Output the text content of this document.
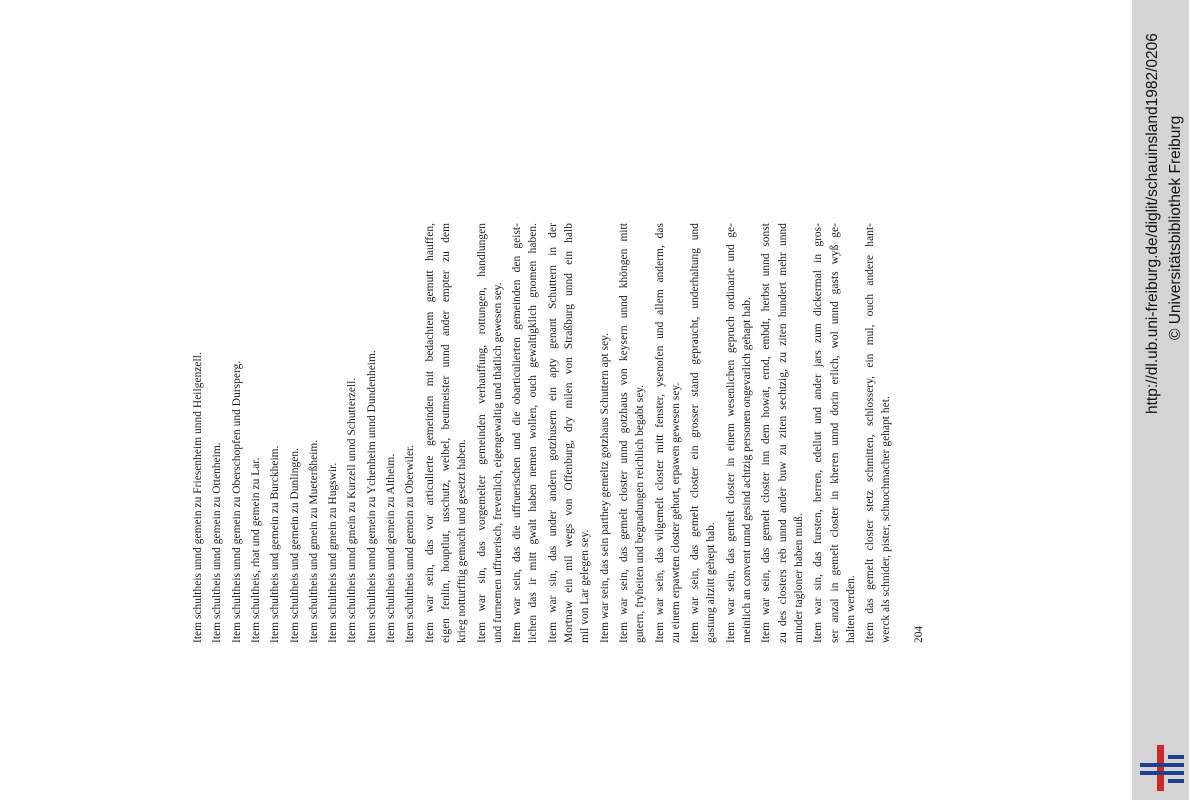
Item schultheis unnd gemein zu Friesenheim unnd Heilgenzell. Item schultheis unnd gemein zu Ottenheim. Item schultheis unnd gemein zu Oberschopfen und Dursperg. Item schultheis, rhat und gemein zu Lar. Item schultheis und gemein zu Burckheim. Item schultheis und gemein zu Dunlingen. Item schultheis und gmein zu Mueterßheim. Item schultheis und gmein zu Hugswir. Item schultheis unnd gmein zu Kurzell unnd Schutterzell. Item schultheis unnd gemein zu Ychenheim unnd Dundenheim. Item schultheis unnd gemein zu Altheim. Item schultheis unnd gemein zu Oberwiler. Item war sein, das vor articulierte gemeinden mit bedachtem gemutt hauffen, eigen fenlin, houptlut, usschutz, weibel, beutmeister unnd ander empter zu dem krieg notturfftig gemacht und gesetzt haben. Item war sin, das vorgemelter gemeinden verhauffung, rottungen, handlungen und furnemen uffruerisch, frevenlich, eigengewaltig und thätlich gewesen sey. Item war sein, das die uffruerischen und die obarticulierten gemeinden den geist- lichen das ir mitt gwalt haben nemen wollen, ouch gewaltigklich gnomen haben. Item war sin, das under andern gotzhusern ein apty genant Schuttern in der Mortnaw ein mil wegs von Offenburg, dry milen von Straßburg unnd ein halb mil von Lar gelegen sey. Item war sein, das sein parthey gemeltz gotzhaus Schuttern apt sey. Item war sein, das gemelt closter unnd gotzhaus von keysern unnd khöngen mitt gutern, fryheiten und begnadungen reichlich begabt sey. Item war sein, das vilgemelt closter mitt fenster, ysenofen und allem anderm, das zu einem erpawten closter gehort, erpawen gewesen sey. Item war sein, das gemelt closter ein grosser stand gepraucht, underhaltung und gastung altzitt gehept hab. Item war sein, das gemelt closter in einem wesenlichen gepruch ordinarie und ge- meinlich an convent unnd gesind achtzig personen ongevarlich gehapt hab. Item war sein, das gemelt closter inn dem howat, ernd, embdt, herbst unnd sonst zu des closters reb unnd ander buw zu ziten sechtzig, zu ziten hundert mehr unnd minder tagloner haben muß. Item war sin, das fursten, herren, edellut und ander jars zum dickermal in gros- ser anzal in gemelt closter in kheren unnd dorin erlich, wol unnd gasts wyß ge- halten werden. Item das gemelt closter stetz schmitten, schlossery, ein mul, ouch andere hant- werck als schnider, pister, schuochmacher gehapt het. 204
http://dl.ub.uni-freiburg.de/diglit/schauinsland1982/0206 © Universitätsbibliothek Freiburg
